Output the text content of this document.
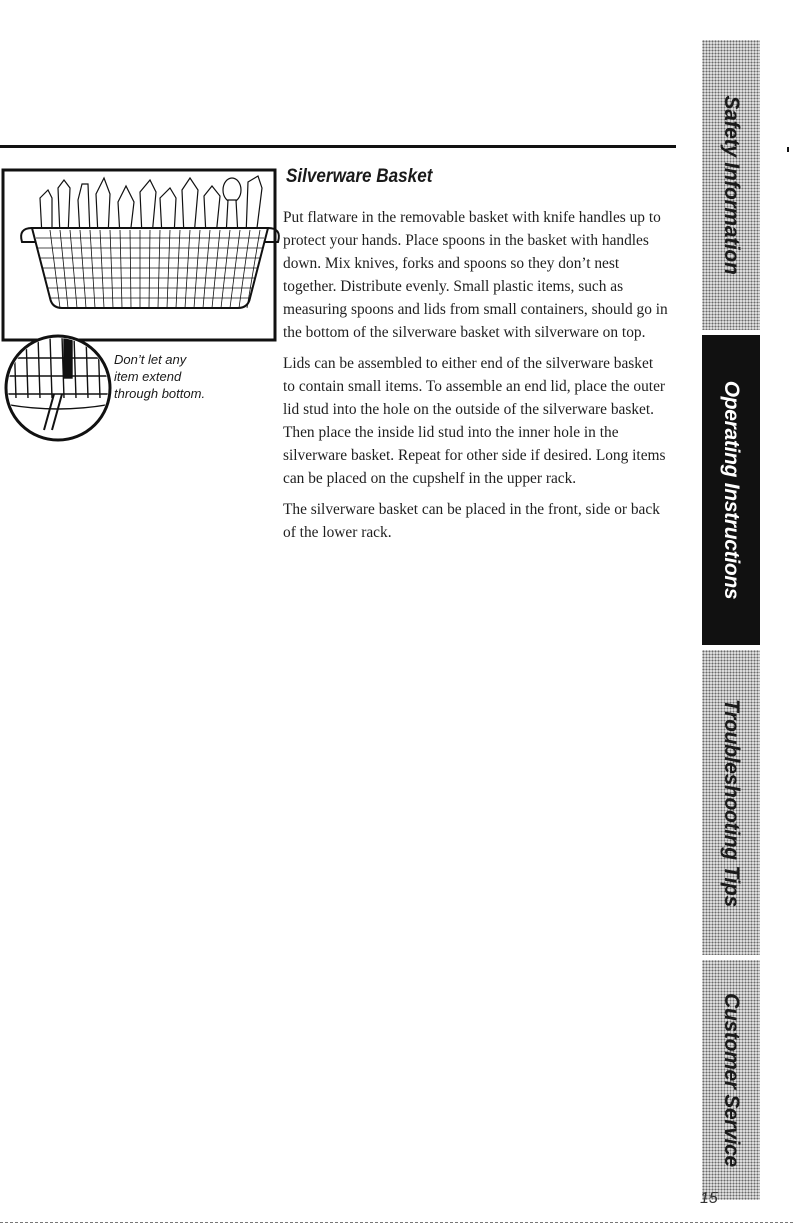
Don’t let any item extend through bottom.
Silverware Basket

Put flatware in the removable basket with knife handles up to protect your hands. Place spoons in the basket with handles down. Mix knives, forks and spoons so they don’t nest together. Distribute evenly. Small plastic items, such as measuring spoons and lids from small containers, should go in the bottom of the silverware basket with silverware on top.

Lids can be assembled to either end of the silverware basket to contain small items. To assemble an end lid, place the outer lid stud into the hole on the outside of the silverware basket. Then place the inside lid stud into the inner hole in the silverware basket. Repeat for other side if desired. Long items can be placed on the cupshelf in the upper rack.

The silverware basket can be placed in the front, side or back of the lower rack.

Safety Information
Operating Instructions
Troubleshooting Tips
Customer Service
15
